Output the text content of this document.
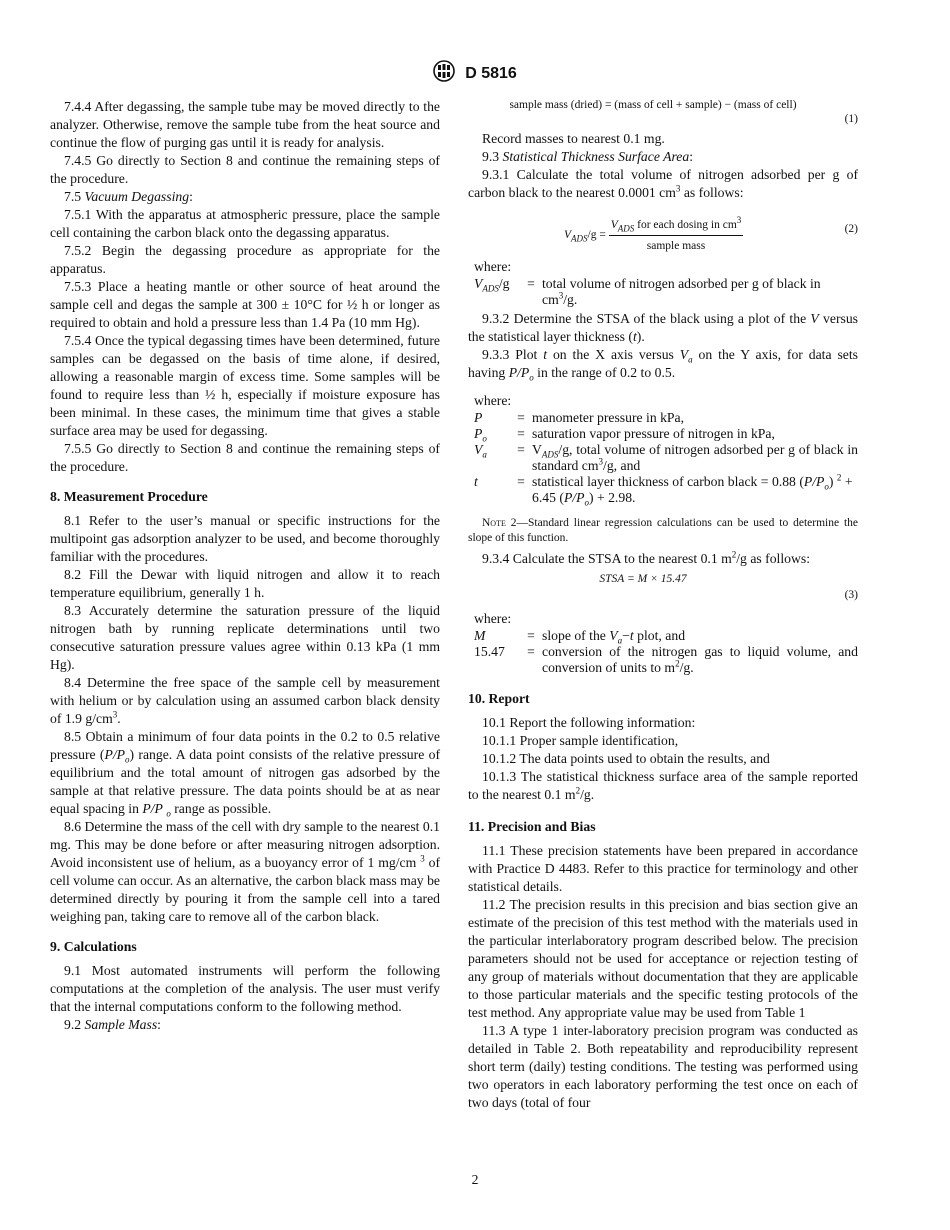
D 5816

7.4.4 After degassing, the sample tube may be moved directly to the analyzer. Otherwise, remove the sample tube from the heat source and continue the flow of purging gas until it is ready for analysis.

7.4.5 Go directly to Section 8 and continue the remaining steps of the procedure.

7.5 Vacuum Degassing:

7.5.1 With the apparatus at atmospheric pressure, place the sample cell containing the carbon black onto the degassing apparatus.

7.5.2 Begin the degassing procedure as appropriate for the apparatus.

7.5.3 Place a heating mantle or other source of heat around the sample cell and degas the sample at 300 ± 10°C for ½ h or longer as required to obtain and hold a pressure less than 1.4 Pa (10 mm Hg).

7.5.4 Once the typical degassing times have been determined, future samples can be degassed on the basis of time alone, if desired, allowing a reasonable margin of excess time. Some samples will be found to require less than ½ h, especially if moisture exposure has been minimal. In these cases, the minimum time that gives a stable surface area may be used for degassing.

7.5.5 Go directly to Section 8 and continue the remaining steps of the procedure.

8. Measurement Procedure

8.1 Refer to the user’s manual or specific instructions for the multipoint gas adsorption analyzer to be used, and become thoroughly familiar with the procedures.

8.2 Fill the Dewar with liquid nitrogen and allow it to reach temperature equilibrium, generally 1 h.

8.3 Accurately determine the saturation pressure of the liquid nitrogen bath by running replicate determinations until two consecutive saturation pressure values agree within 0.13 kPa (1 mm Hg).

8.4 Determine the free space of the sample cell by measurement with helium or by calculation using an assumed carbon black density of 1.9 $g/cm^3$.

8.5 Obtain a minimum of four data points in the 0.2 to 0.5 relative pressure $(P/P_o)$ range. A data point consists of the relative pressure of equilibrium and the total amount of nitrogen gas adsorbed by the sample at that relative pressure. The data points should be at as near equal spacing in P/P $_o$ range as possible.

8.6 Determine the mass of the cell with dry sample to the nearest 0.1 mg. This may be done before or after measuring nitrogen adsorption. Avoid inconsistent use of helium, as a buoyancy error of 1 mg/cm $^3$ of cell volume can occur. As an alternative, the carbon black mass may be determined directly by pouring it from the sample cell into a tared weighing pan, taking care to remove all of the carbon black.

9. Calculations

9.1 Most automated instruments will perform the following computations at the completion of the analysis. The user must verify that the internal computations conform to the following method.

9.2 Sample Mass:

sample mass (dried) = (mass of cell + sample) − (mass of cell)
(1)

Record masses to nearest 0.1 mg.

9.3 Statistical Thickness Surface Area:

9.3.1 Calculate the total volume of nitrogen adsorbed per g of carbon black to the nearest 0.0001 $cm^3$ as follows:

$V_{ADS}/g = \frac{V_{ADS} for each dosing in cm^3}{\text{sample mass}}$	(2)

where:

$V_{ADS}/g$	=	total volume of nitrogen adsorbed per g of black in $cm^3/g$.

9.3.2 Determine the STSA of the black using a plot of the V versus the statistical layer thickness (t).

9.3.3 Plot t on the X axis versus $V_a$ on the Y axis, for data sets having $P/P_o$ in the range of 0.2 to 0.5.

where:

P	=	manometer pressure in kPa,
$P_o$	=	saturation vapor pressure of nitrogen in kPa,
$V_a$	=	$V_{ADS}/g$, total volume of nitrogen adsorbed per g of black in standard $cm^3/g$, and
t	=	statistical layer thickness of carbon black = 0.88 $(P/P_o) ^2 + 6.45$ $(P/P_o) + 2.98$.

Note 2—Standard linear regression calculations can be used to determine the slope of this function.

9.3.4 Calculate the STSA to the nearest 0.1 $m^2/g$ as follows:

STSA = M × 15.47
(3)

where:

M	=	slope of the $V_a-t$ plot, and
15.47	=	conversion of the nitrogen gas to liquid volume, and conversion of units to $m^2/g$.
10. Report

10.1 Report the following information:

10.1.1 Proper sample identification,

10.1.2 The data points used to obtain the results, and

10.1.3 The statistical thickness surface area of the sample reported to the nearest 0.1 $m^2/g$.

11. Precision and Bias

11.1 These precision statements have been prepared in accordance with Practice D 4483. Refer to this practice for terminology and other statistical details.

11.2 The precision results in this precision and bias section give an estimate of the precision of this test method with the materials used in the particular interlaboratory program described below. The precision parameters should not be used for acceptance or rejection testing of any group of materials without documentation that they are applicable to those particular materials and the specific testing protocols of the test method. Any appropriate value may be used from Table 1

11.3 A type 1 inter-laboratory precision program was conducted as detailed in Table 2. Both repeatability and reproducibility represent short term (daily) testing conditions. The testing was performed using two operators in each laboratory performing the test once on each of two days (total of four

2
